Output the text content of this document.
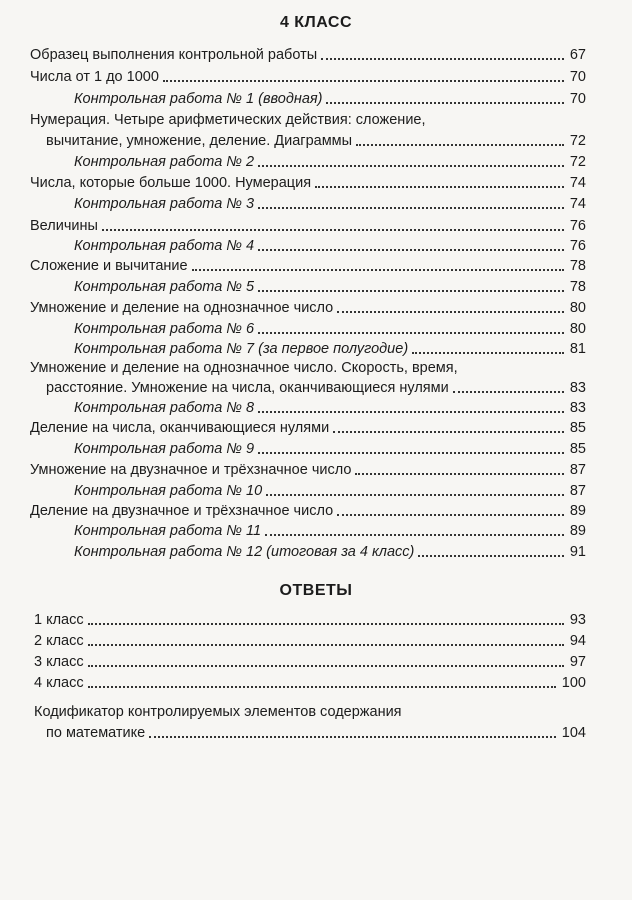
4 КЛАСС
Образец выполнения контрольной работы	67
Числа от 1 до 1000	70
Контрольная работа № 1 (вводная)	70
Нумерация. Четыре арифметических действия: сложение,
вычитание, умножение, деление. Диаграммы	72
Контрольная работа № 2	72
Числа, которые больше 1000. Нумерация	74
Контрольная работа № 3	74
Величины	76
Контрольная работа № 4	76
Сложение и вычитание	78
Контрольная работа № 5	78
Умножение и деление на однозначное число	80
Контрольная работа № 6	80
Контрольная работа № 7 (за первое полугодие)	81
Умножение и деление на однозначное число. Скорость, время,
расстояние. Умножение на числа, оканчивающиеся нулями	83
Контрольная работа № 8	83
Деление на числа, оканчивающиеся нулями	85
Контрольная работа № 9	85
Умножение на двузначное и трёхзначное число	87
Контрольная работа № 10	87
Деление на двузначное и трёхзначное число	89
Контрольная работа № 11	89
Контрольная работа № 12 (итоговая за 4 класс)	91
ОТВЕТЫ
1 класс	93
2 класс	94
3 класс	97
4 класс	100
Кодификатор контролируемых элементов содержания
по математике	104
